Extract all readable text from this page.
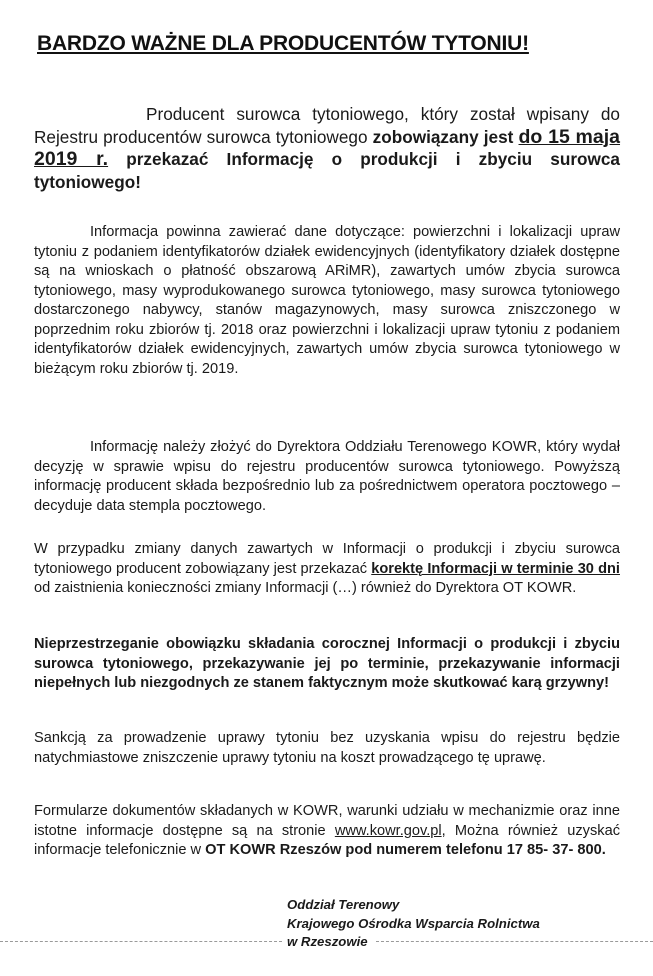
BARDZO WAŻNE DLA PRODUCENTÓW TYTONIU!
Producent surowca tytoniowego, który został wpisany do Rejestru producentów surowca tytoniowego zobowiązany jest do 15 maja 2019 r. przekazać Informację o produkcji i zbyciu surowca tytoniowego!
Informacja powinna zawierać dane dotyczące: powierzchni i lokalizacji upraw tytoniu z podaniem identyfikatorów działek ewidencyjnych (identyfikatory działek dostępne są na wnioskach o płatność obszarową ARiMR), zawartych umów zbycia surowca tytoniowego, masy wyprodukowanego surowca tytoniowego, masy surowca tytoniowego dostarczonego nabywcy, stanów magazynowych, masy surowca zniszczonego w poprzednim roku zbiorów tj. 2018 oraz powierzchni i lokalizacji upraw tytoniu z podaniem identyfikatorów działek ewidencyjnych, zawartych umów zbycia surowca tytoniowego w bieżącym roku zbiorów tj. 2019.
Informację należy złożyć do Dyrektora Oddziału Terenowego KOWR, który wydał decyzję w sprawie wpisu do rejestru producentów surowca tytoniowego. Powyższą informację producent składa bezpośrednio lub za pośrednictwem operatora pocztowego – decyduje data stempla pocztowego.
W przypadku zmiany danych zawartych w Informacji o produkcji i zbyciu surowca tytoniowego producent zobowiązany jest przekazać korektę Informacji w terminie 30 dni od zaistnienia konieczności zmiany Informacji (…) również do Dyrektora OT KOWR.
Nieprzestrzeganie obowiązku składania corocznej Informacji o produkcji i zbyciu surowca tytoniowego, przekazywanie jej po terminie, przekazywanie informacji niepełnych lub niezgodnych ze stanem faktycznym może skutkować karą grzywny!
Sankcją za prowadzenie uprawy tytoniu bez uzyskania wpisu do rejestru będzie natychmiastowe zniszczenie uprawy tytoniu na koszt prowadzącego tę uprawę.
Formularze dokumentów składanych w KOWR, warunki udziału w mechanizmie oraz inne istotne informacje dostępne są na stronie www.kowr.gov.pl, Można również uzyskać informacje telefonicznie w OT KOWR Rzeszów pod numerem telefonu 17 85- 37- 800.
Oddział Terenowy
Krajowego Ośrodka Wsparcia Rolnictwa
w Rzeszowie
